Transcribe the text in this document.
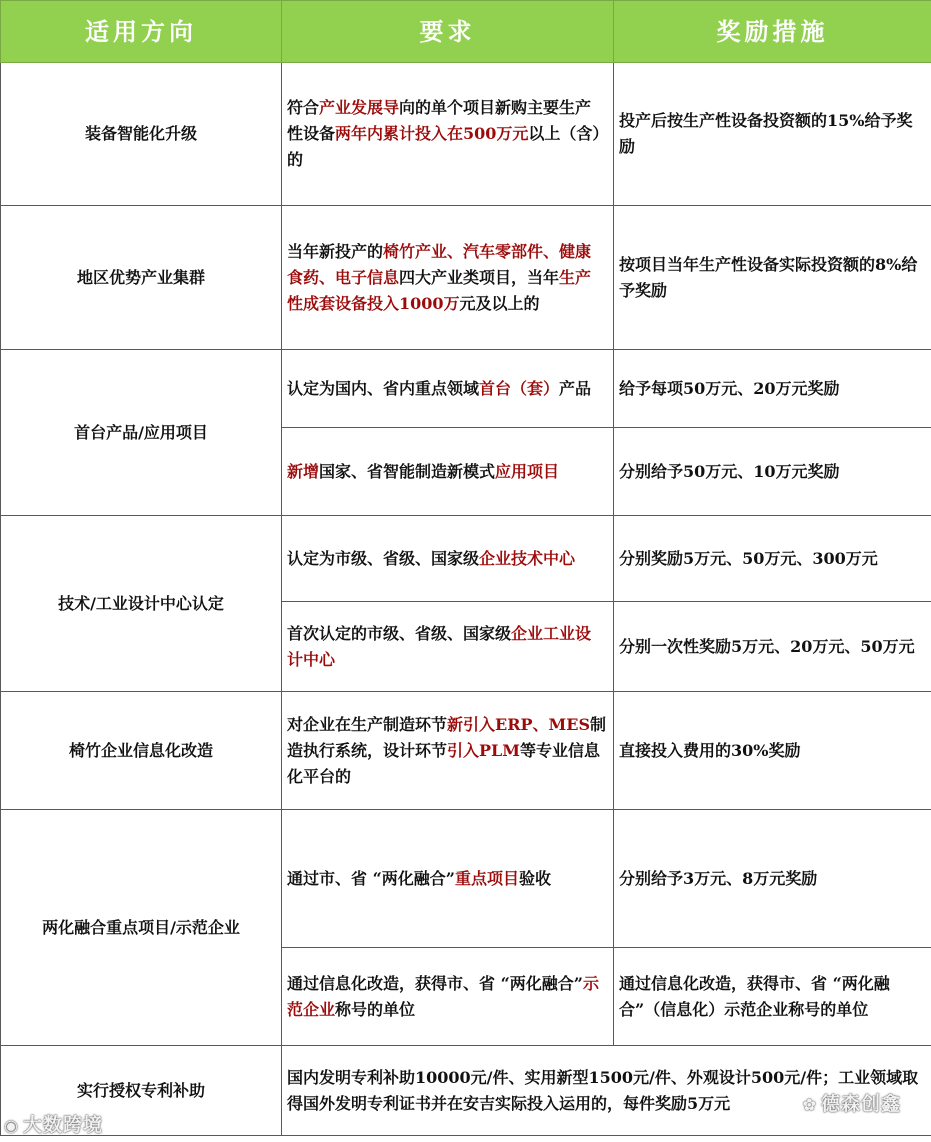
适用方向	要求	奖励措施
装备智能化升级	符合产业发展导向的单个项目新购主要生产性设备两年内累计投入在500万元以上（含）的	投产后按生产性设备投资额的15%给予奖励
地区优势产业集群	当年新投产的椅竹产业、汽车零部件、健康食药、电子信息四大产业类项目，当年生产性成套设备投入1000万元及以上的	按项目当年生产性设备实际投资额的8%给予奖励
首台产品/应用项目	认定为国内、省内重点领域首台（套）产品	给予每项50万元、20万元奖励
	新增国家、省智能制造新模式应用项目	分别给予50万元、10万元奖励
技术/工业设计中心认定	认定为市级、省级、国家级企业技术中心	分别奖励5万元、50万元、300万元
	首次认定的市级、省级、国家级企业工业设计中心	分别一次性奖励5万元、20万元、50万元
椅竹企业信息化改造	对企业在生产制造环节新引入ERP、MES制造执行系统，设计环节引入PLM等专业信息化平台的	直接投入费用的30%奖励
两化融合重点项目/示范企业	通过市、省 “两化融合”重点项目验收	分别给予3万元、8万元奖励
	通过信息化改造，获得市、省 “两化融合”示范企业称号的单位	通过信息化改造，获得市、省 “两化融合”（信息化）示范企业称号的单位
实行授权专利补助	国内发明专利补助10000元/件、实用新型1500元/件、外观设计500元/件；工业领域取得国外发明专利证书并在安吉实际投入运用的，每件奖励5万元	
◉ 大数跨境
✿ 德森创鑫
